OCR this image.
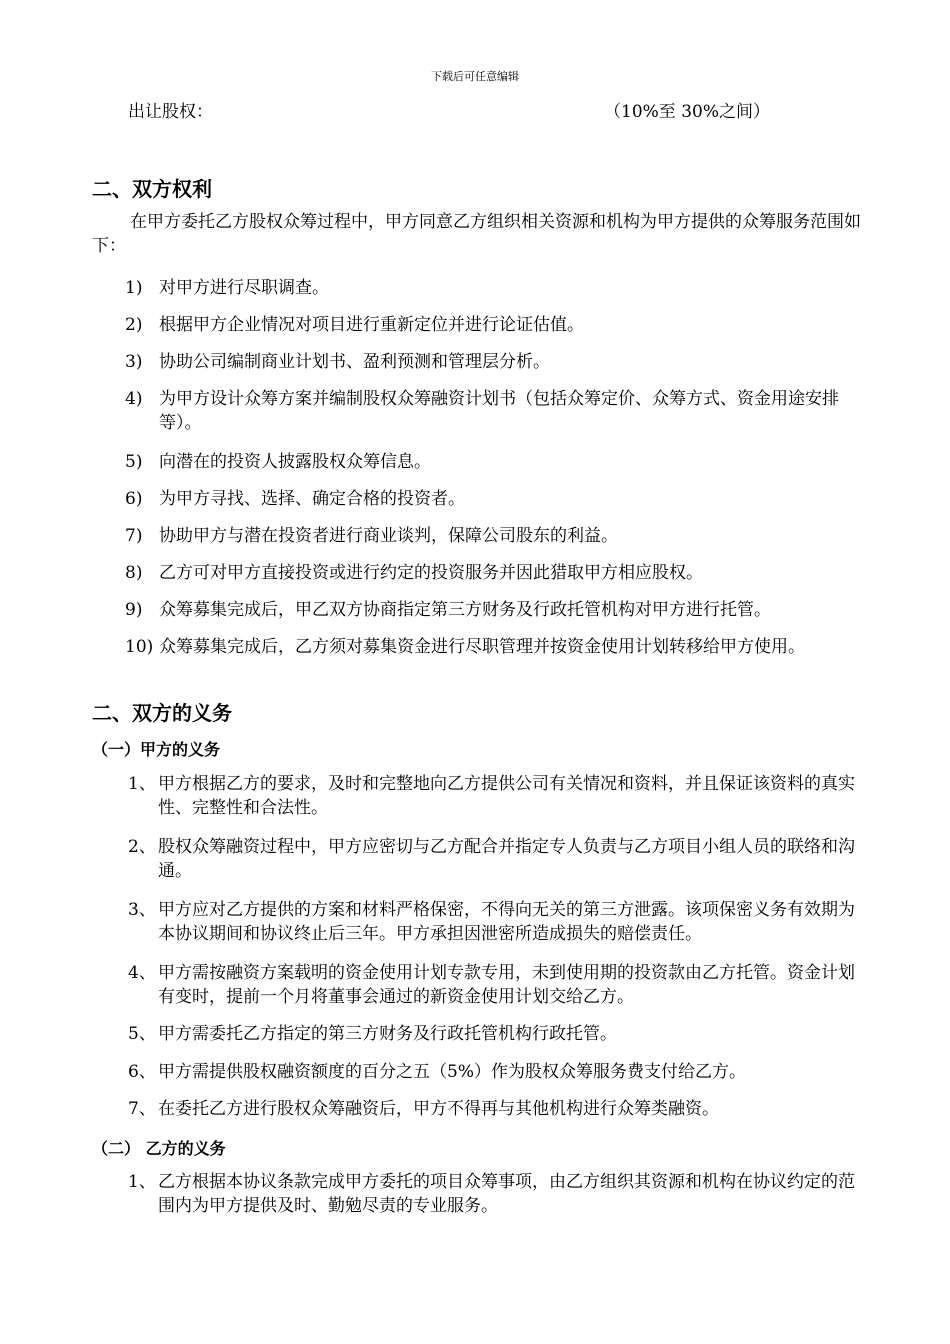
下载后可任意编辑
出让股权：	（10%至 30%之间）
二、双方权利
在甲方委托乙方股权众筹过程中，甲方同意乙方组织相关资源和机构为甲方提供的众筹服务范围如下：
1) 对甲方进行尽职调查。
2) 根据甲方企业情况对项目进行重新定位并进行论证估值。
3) 协助公司编制商业计划书、盈利预测和管理层分析。
4) 为甲方设计众筹方案并编制股权众筹融资计划书（包括众筹定价、众筹方式、资金用途安排等）。
5) 向潜在的投资人披露股权众筹信息。
6) 为甲方寻找、选择、确定合格的投资者。
7) 协助甲方与潜在投资者进行商业谈判，保障公司股东的利益。
8) 乙方可对甲方直接投资或进行约定的投资服务并因此猎取甲方相应股权。
9) 众筹募集完成后，甲乙双方协商指定第三方财务及行政托管机构对甲方进行托管。
10) 众筹募集完成后，乙方须对募集资金进行尽职管理并按资金使用计划转移给甲方使用。
二、双方的义务
（一）甲方的义务
1、 甲方根据乙方的要求，及时和完整地向乙方提供公司有关情况和资料，并且保证该资料的真实性、完整性和合法性。
2、 股权众筹融资过程中，甲方应密切与乙方配合并指定专人负责与乙方项目小组人员的联络和沟通。
3、 甲方应对乙方提供的方案和材料严格保密，不得向无关的第三方泄露。该项保密义务有效期为本协议期间和协议终止后三年。甲方承担因泄密所造成损失的赔偿责任。
4、 甲方需按融资方案载明的资金使用计划专款专用，未到使用期的投资款由乙方托管。资金计划有变时，提前一个月将董事会通过的新资金使用计划交给乙方。
5、 甲方需委托乙方指定的第三方财务及行政托管机构行政托管。
6、 甲方需提供股权融资额度的百分之五（5%）作为股权众筹服务费支付给乙方。
7、 在委托乙方进行股权众筹融资后，甲方不得再与其他机构进行众筹类融资。
（二） 乙方的义务
1、 乙方根据本协议条款完成甲方委托的项目众筹事项，由乙方组织其资源和机构在协议约定的范围内为甲方提供及时、勤勉尽责的专业服务。
